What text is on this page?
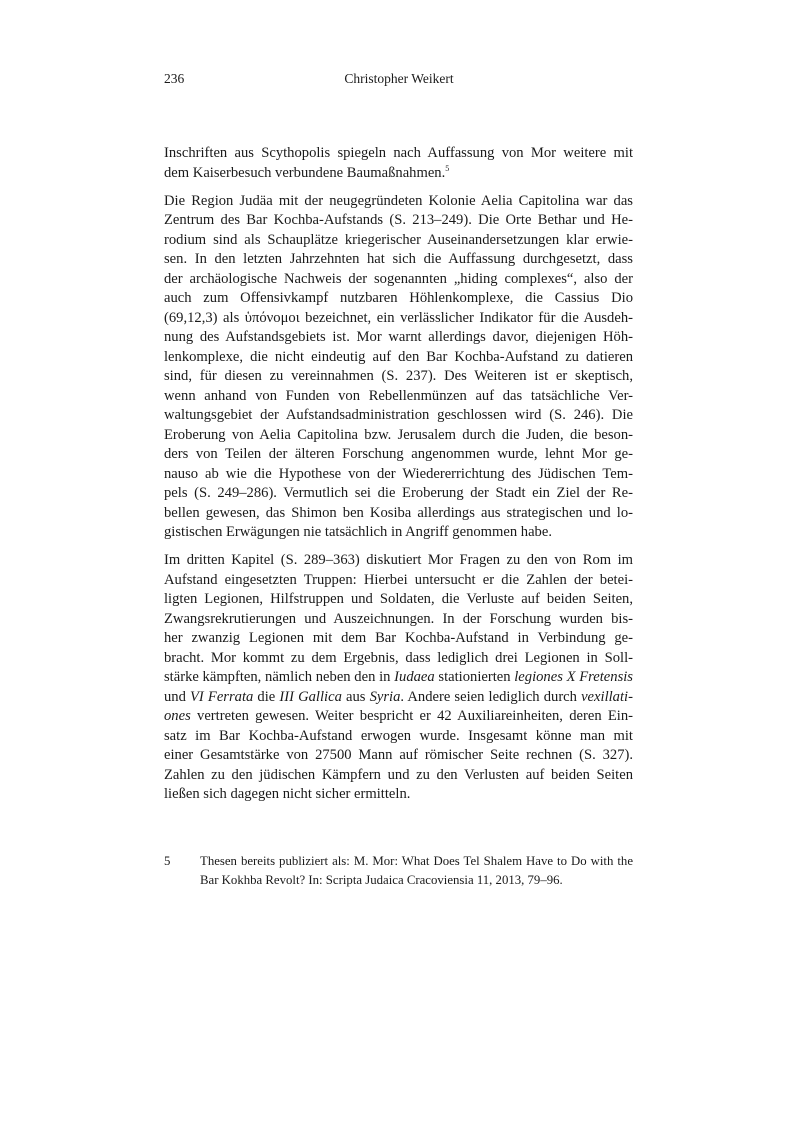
236	Christopher Weikert
Inschriften aus Scythopolis spiegeln nach Auffassung von Mor weitere mit
dem Kaiserbesuch verbundene Baumaßnahmen.$^5$
Die Region Judäa mit der neugegründeten Kolonie Aelia Capitolina war das
Zentrum des Bar Kochba-Aufstands (S. 213–249). Die Orte Bethar und He-
rodium sind als Schauplätze kriegerischer Auseinandersetzungen klar erwie-
sen. In den letzten Jahrzehnten hat sich die Auffassung durchgesetzt, dass
der archäologische Nachweis der sogenannten „hiding complexes“, also der
auch zum Offensivkampf nutzbaren Höhlenkomplexe, die Cassius Dio
(69,12,3) als ὑπόνομοι bezeichnet, ein verlässlicher Indikator für die Ausdeh-
nung des Aufstandsgebiets ist. Mor warnt allerdings davor, diejenigen Höh-
lenkomplexe, die nicht eindeutig auf den Bar Kochba-Aufstand zu datieren
sind, für diesen zu vereinnahmen (S. 237). Des Weiteren ist er skeptisch,
wenn anhand von Funden von Rebellenmünzen auf das tatsächliche Ver-
waltungsgebiet der Aufstandsadministration geschlossen wird (S. 246). Die
Eroberung von Aelia Capitolina bzw. Jerusalem durch die Juden, die beson-
ders von Teilen der älteren Forschung angenommen wurde, lehnt Mor ge-
nauso ab wie die Hypothese von der Wiedererrichtung des Jüdischen Tem-
pels (S. 249–286). Vermutlich sei die Eroberung der Stadt ein Ziel der Re-
bellen gewesen, das Shimon ben Kosiba allerdings aus strategischen und lo-
gistischen Erwägungen nie tatsächlich in Angriff genommen habe.
Im dritten Kapitel (S. 289–363) diskutiert Mor Fragen zu den von Rom im
Aufstand eingesetzten Truppen: Hierbei untersucht er die Zahlen der betei-
ligten Legionen, Hilfstruppen und Soldaten, die Verluste auf beiden Seiten,
Zwangsrekrutierungen und Auszeichnungen. In der Forschung wurden bis-
her zwanzig Legionen mit dem Bar Kochba-Aufstand in Verbindung ge-
bracht. Mor kommt zu dem Ergebnis, dass lediglich drei Legionen in Soll-
stärke kämpften, nämlich neben den in Iudaea stationierten legiones X Fretensis
und VI Ferrata die III Gallica aus Syria. Andere seien lediglich durch vexillati-
ones vertreten gewesen. Weiter bespricht er 42 Auxiliareinheiten, deren Ein-
satz im Bar Kochba-Aufstand erwogen wurde. Insgesamt könne man mit
einer Gesamtstärke von 27500 Mann auf römischer Seite rechnen (S. 327).
Zahlen zu den jüdischen Kämpfern und zu den Verlusten auf beiden Seiten
ließen sich dagegen nicht sicher ermitteln.
5 Thesen bereits publiziert als: M. Mor: What Does Tel Shalem Have to Do with the
Bar Kokhba Revolt? In: Scripta Judaica Cracoviensia 11, 2013, 79–96.
